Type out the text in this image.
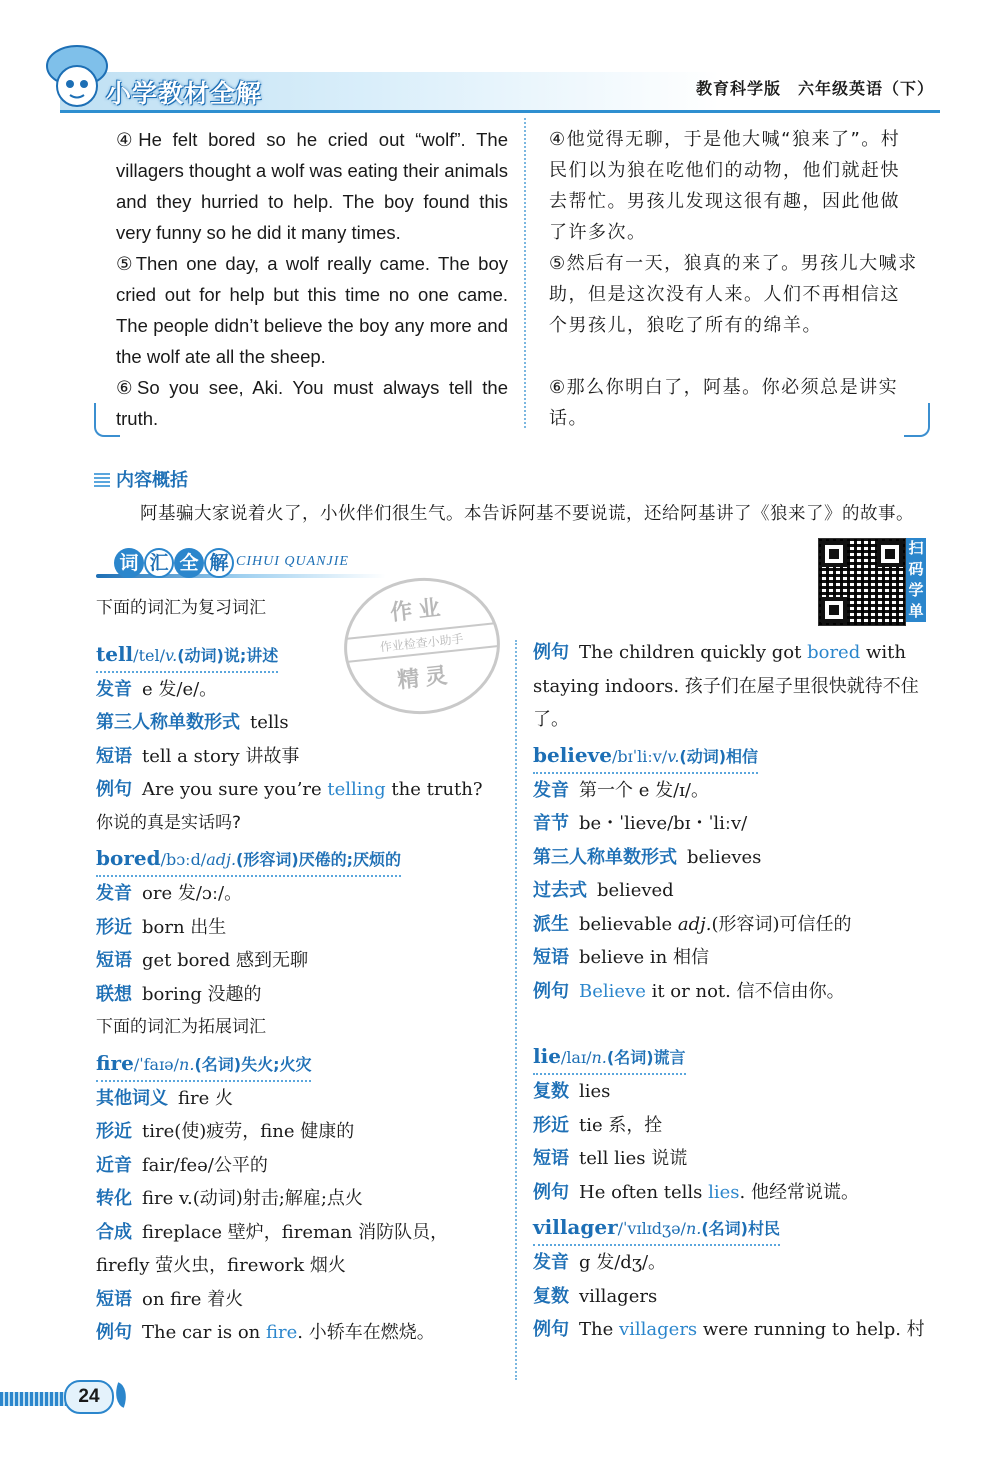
小学教材全解	教育科学版　六年级英语（下）

④He felt bored so he cried out “wolf”. The villagers thought a wolf was eating their animals and they hurried to help. The boy found this very funny so he did it many times.

⑤Then one day, a wolf really came. The boy cried out for help but this time no one came. The people didn’t believe the boy any more and the wolf ate all the sheep.

⑥So you see, Aki. You must always tell the truth.

④他觉得无聊，于是他大喊“狼来了”。村民们以为狼在吃他们的动物，他们就赶快去帮忙。男孩儿发现这很有趣，因此他做了许多次。

⑤然后有一天，狼真的来了。男孩儿大喊求助，但是这次没有人来。人们不再相信这个男孩儿，狼吃了所有的绵羊。

⑥那么你明白了，阿基。你必须总是讲实话。

内容概括
阿基骗大家说着火了，小伙伴们很生气。本告诉阿基不要说谎，还给阿基讲了《狼来了》的故事。
词 汇 全 解 CIHUI QUANJIE
扫
码
学
单
作业
作业检查小助手
精灵
下面的词汇为复习词汇
tell/tel/v.(动词)说;讲述
发音 e 发/e/。
第三人称单数形式 tells
短语 tell a story 讲故事
例句 Are you sure you’re telling the truth?
你说的真是实话吗?
bored/bɔːd/adj.(形容词)厌倦的;厌烦的
发音 ore 发/ɔː/。
形近 born 出生
短语 get bored 感到无聊
联想 boring 没趣的
下面的词汇为拓展词汇
fire/ˈfaɪə/n.(名词)失火;火灾
其他词义 fire 火
形近 tire(使)疲劳，fine 健康的
近音 fair/feə/公平的
转化 fire v.(动词)射击;解雇;点火
合成 fireplace 壁炉，fireman 消防队员，firefly 萤火虫，firework 烟火
短语 on fire 着火
例句 The car is on fire. 小轿车在燃烧。
例句 The children quickly got bored with staying indoors. 孩子们在屋子里很快就待不住了。
believe/bɪˈliːv/v.(动词)相信
发音 第一个 e 发/ɪ/。
音节 be・ˈlieve/bɪ・ˈliːv/
第三人称单数形式 believes
过去式 believed
派生 believable adj.(形容词)可信任的
短语 believe in 相信
例句 Believe it or not. 信不信由你。
lie/laɪ/n.(名词)谎言
复数 lies
形近 tie 系，拴
短语 tell lies 说谎
例句 He often tells lies. 他经常说谎。
villager/ˈvɪlɪdʒə/n.(名词)村民
发音 g 发/dʒ/。
复数 villagers
例句 The villagers were running to help. 村
24
